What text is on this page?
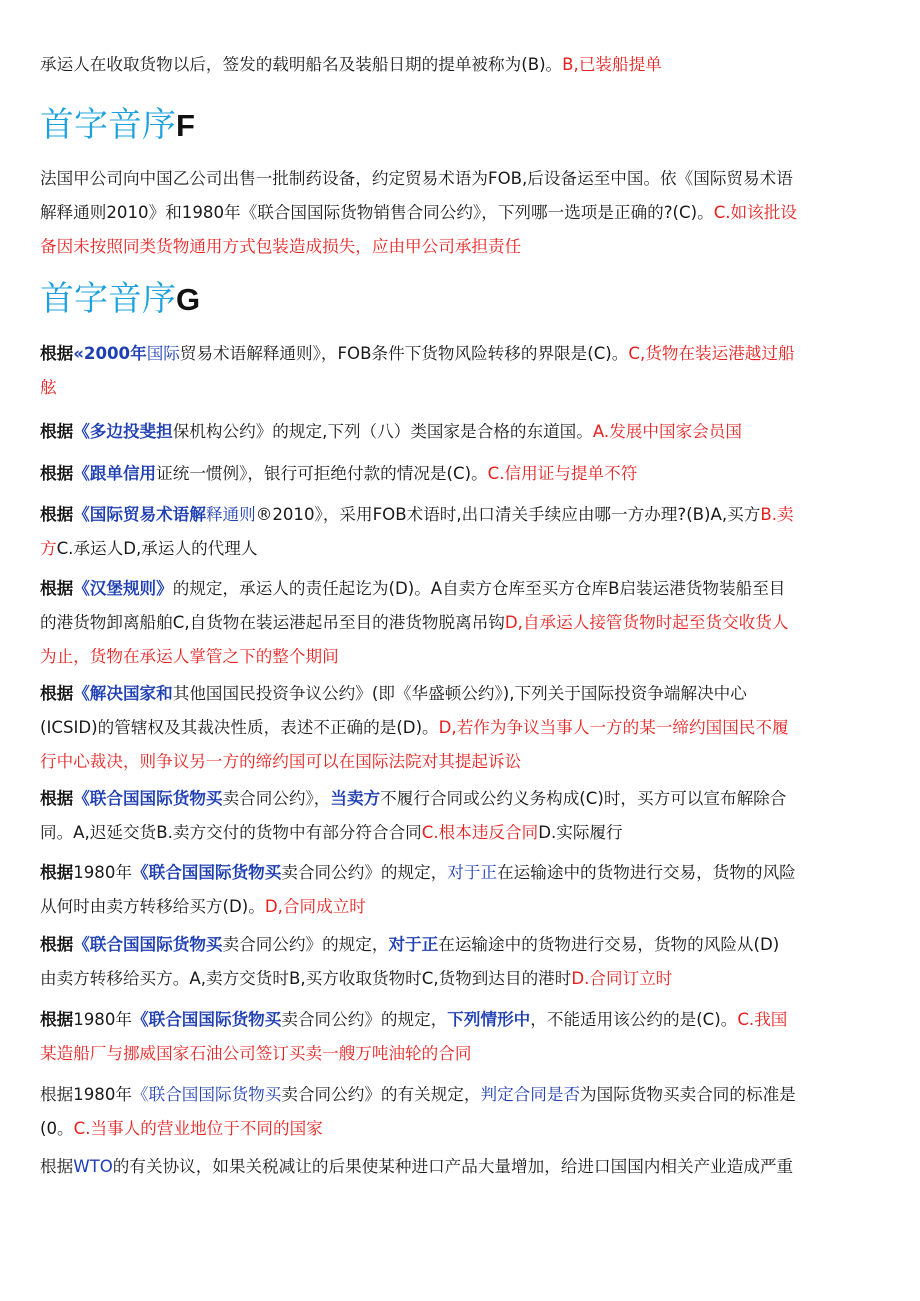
承运人在收取货物以后，签发的载明船名及装船日期的提单被称为(B)。B,已装船提单
首字音序F
法国甲公司向中国乙公司出售一批制药设备，约定贸易术语为FOB,后设备运至中国。依《国际贸易术语
解释通则2010》和1980年《联合国国际货物销售合同公约》，下列哪一选项是正确的?(C)。C.如该批设
备因未按照同类货物通用方式包装造成损失，应由甲公司承担责任
首字音序G
根据«2000年国际贸易术语解释通则》，FOB条件下货物风险转移的界限是(C)。C,货物在装运港越过船
舷
根据《多边投斐担保机构公约》的规定,下列（八）类国家是合格的东道国。A.发展中国家会员国
根据《跟单信用证统一惯例》，银行可拒绝付款的情况是(C)。C.信用证与提单不符
根据《国际贸易术语解释通则®2010》，采用FOB术语时,出口清关手续应由哪一方办理?(B)A,买方B.卖
方C.承运人D,承运人的代理人
根据《汉堡规则》的规定，承运人的责任起讫为(D)。A自卖方仓库至买方仓库B启装运港货物装船至目
的港货物卸离船舶C,自货物在装运港起吊至目的港货物脱离吊钩D,自承运人接管货物时起至货交收货人
为止，货物在承运人掌管之下的整个期间
根据《解决国家和其他国国民投资争议公约》(即《华盛顿公约》),下列关于国际投资争端解决中心
(ICSID)的管辖权及其裁决性质，表述不正确的是(D)。D,若作为争议当事人一方的某一缔约国国民不履
行中心裁决，则争议另一方的缔约国可以在国际法院对其提起诉讼
根据《联合国国际货物买卖合同公约》，当卖方不履行合同或公约义务构成(C)时，买方可以宣布解除合
同。A,迟延交货B.卖方交付的货物中有部分符合合同C.根本违反合同D.实际履行
根据1980年《联合国国际货物买卖合同公约》的规定，对于正在运输途中的货物进行交易，货物的风险
从何时由卖方转移给买方(D)。D,合同成立时
根据《联合国国际货物买卖合同公约》的规定，对于正在运输途中的货物进行交易，货物的风险从(D)
由卖方转移给买方。A,卖方交货时B,买方收取货物时C,货物到达目的港时D.合同订立时
根据1980年《联合国国际货物买卖合同公约》的规定，下列情形中，不能适用该公约的是(C)。C.我国
某造船厂与挪威国家石油公司签订买卖一艘万吨油轮的合同
根据1980年《联合国国际货物买卖合同公约》的有关规定，判定合同是否为国际货物买卖合同的标准是
(0。C.当事人的营业地位于不同的国家
根据WTO的有关协议，如果关税减让的后果使某种进口产品大量增加，给进口国国内相关产业造成严重
